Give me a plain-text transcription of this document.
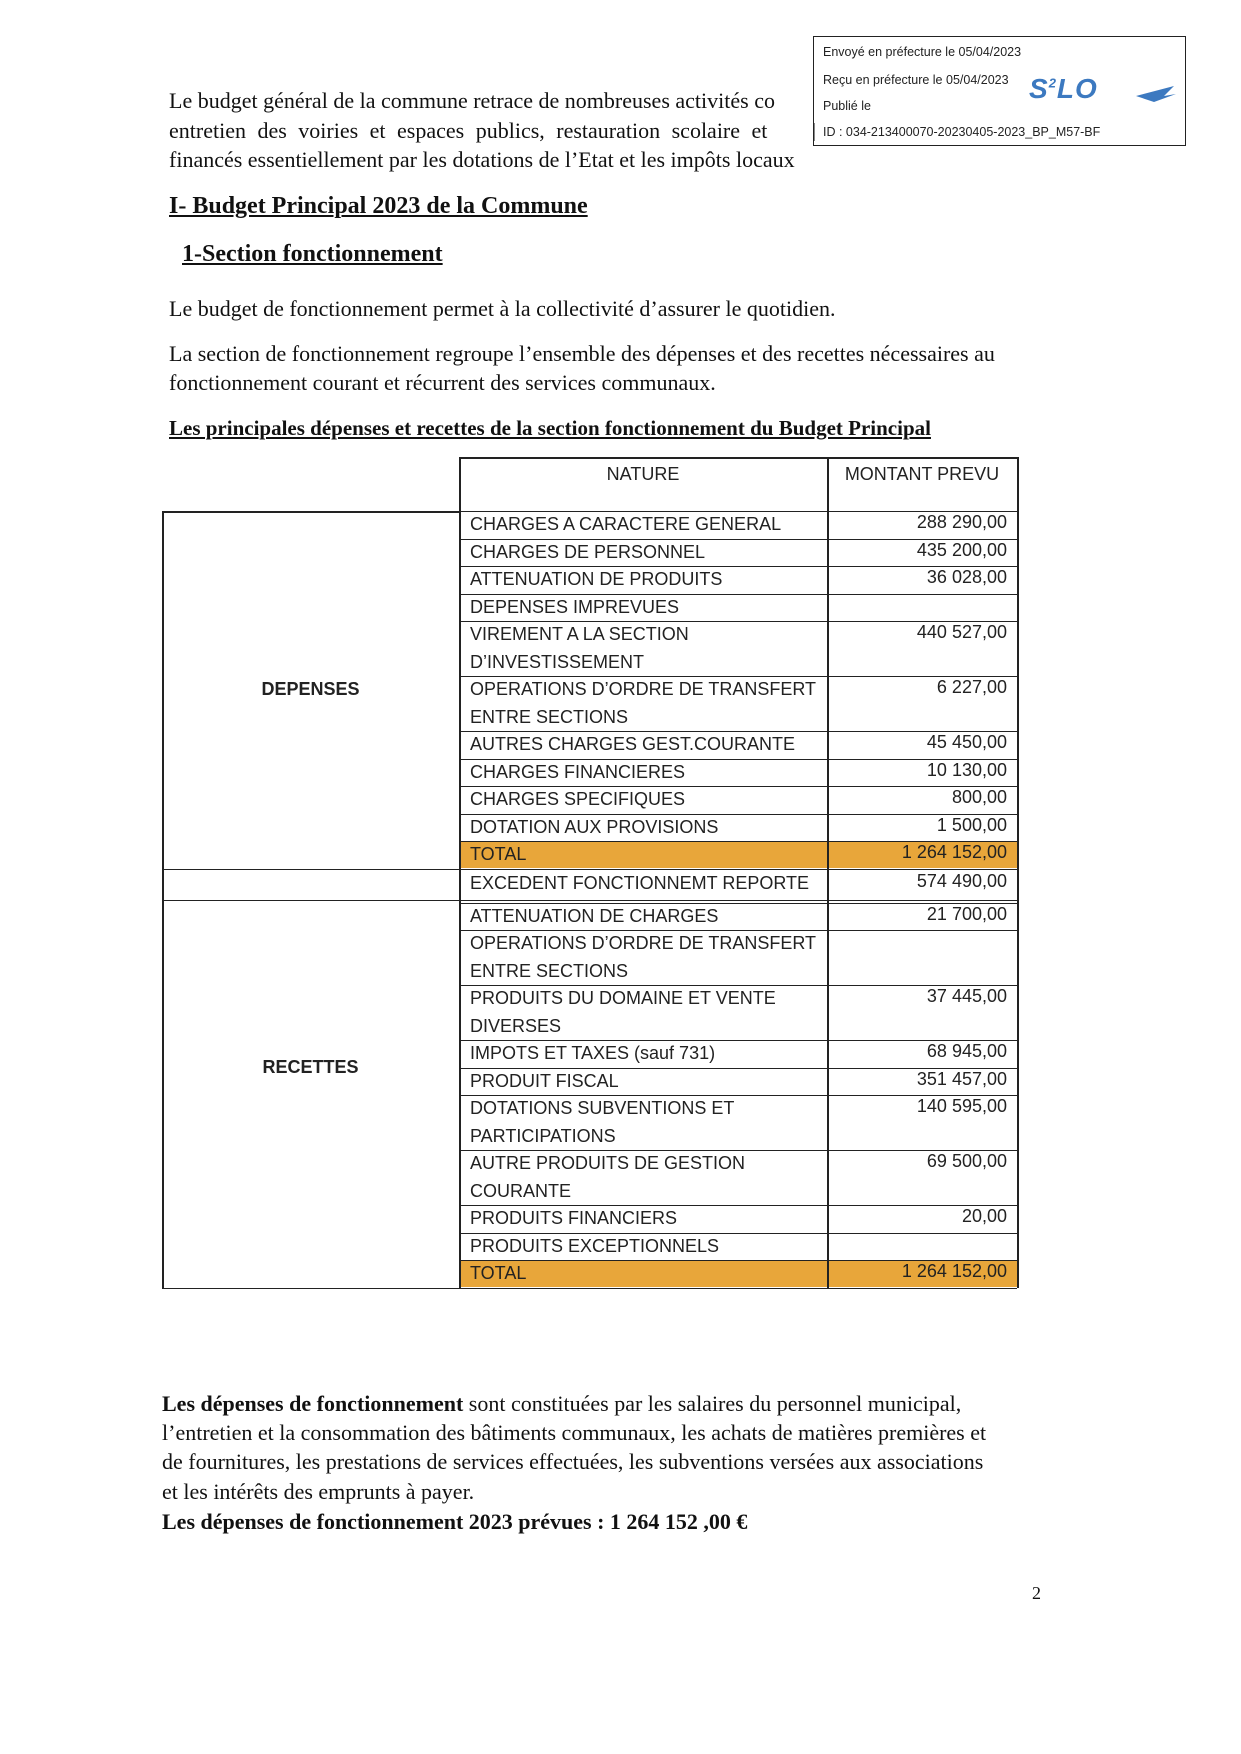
Envoyé en préfecture le 05/04/2023
Reçu en préfecture le 05/04/2023
Publié le
ID : 034-213400070-20230405-2023_BP_M57-BF
$S^2LO$
Le budget général de la commune retrace de nombreuses activités co
entretien des voiries et espaces publics, restauration scolaire et
financés essentiellement par les dotations de l’Etat et les impôts locaux
I- Budget Principal 2023 de la Commune
1-Section fonctionnement
Le budget de fonctionnement permet à la collectivité d’assurer le quotidien.
La section de fonctionnement regroupe l’ensemble des dépenses et des recettes nécessaires au
fonctionnement courant et récurrent des services communaux.
Les principales dépenses et recettes de la section fonctionnement du Budget Principal
NATURE	MONTANT PREVU
CHARGES A CARACTERE GENERAL	288 290,00
CHARGES DE PERSONNEL	435 200,00
ATTENUATION DE PRODUITS	36 028,00
DEPENSES IMPREVUES
VIREMENT A LA SECTION
D’INVESTISSEMENT
440 527,00
OPERATIONS D’ORDRE DE TRANSFERT
ENTRE SECTIONS
6 227,00
AUTRES CHARGES GEST.COURANTE	45 450,00
CHARGES FINANCIERES	10 130,00
CHARGES SPECIFIQUES	800,00
DOTATION AUX PROVISIONS	1 500,00
TOTAL	1 264 152,00
DEPENSES
EXCEDENT FONCTIONNEMT REPORTE	574 490,00
ATTENUATION DE CHARGES	21 700,00
OPERATIONS D’ORDRE DE TRANSFERT
ENTRE SECTIONS
PRODUITS DU DOMAINE ET VENTE
DIVERSES
37 445,00
IMPOTS ET TAXES (sauf 731)	68 945,00
PRODUIT FISCAL	351 457,00
DOTATIONS SUBVENTIONS ET
PARTICIPATIONS
140 595,00
AUTRE PRODUITS DE GESTION
COURANTE
69 500,00
PRODUITS FINANCIERS	20,00
PRODUITS EXCEPTIONNELS
TOTAL	1 264 152,00
RECETTES
Les dépenses de fonctionnement sont constituées par les salaires du personnel municipal,
l’entretien et la consommation des bâtiments communaux, les achats de matières premières et
de fournitures, les prestations de services effectuées, les subventions versées aux associations
et les intérêts des emprunts à payer.
Les dépenses de fonctionnement 2023 prévues : 1 264 152 ,00 €
2
